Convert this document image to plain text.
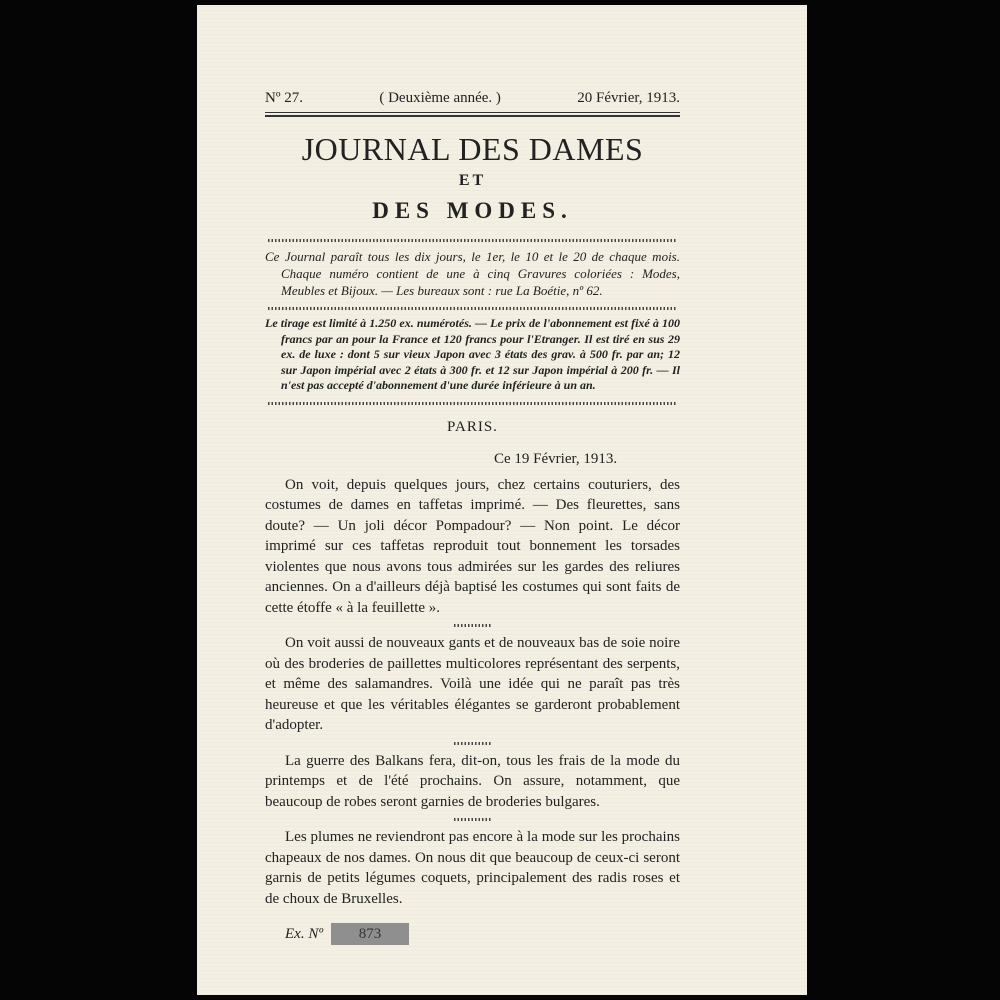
Nº 27.	( Deuxième année. )	20 Février, 1913.
JOURNAL DES DAMES
ET
DES MODES.

Ce Journal paraît tous les dix jours, le 1er, le 10 et le 20 de chaque mois. Chaque numéro contient de une à cinq Gravures coloriées : Modes, Meubles et Bijoux. — Les bureaux sont : rue La Boétie, nº 62.

Le tirage est limité à 1.250 ex. numérotés. — Le prix de l'abonnement est fixé à 100 francs par an pour la France et 120 francs pour l'Etranger. Il est tiré en sus 29 ex. de luxe : dont 5 sur vieux Japon avec 3 états des grav. à 500 fr. par an; 12 sur Japon impérial avec 2 états à 300 fr. et 12 sur Japon impérial à 200 fr. — Il n'est pas accepté d'abonnement d'une durée inférieure à un an.

PARIS.
Ce 19 Février, 1913.
On voit, depuis quelques jours, chez certains couturiers, des costumes de dames en taffetas imprimé. — Des fleurettes, sans doute? — Un joli décor Pompadour? — Non point. Le décor imprimé sur ces taffetas reproduit tout bonnement les torsades violentes que nous avons tous admirées sur les gardes des reliures anciennes. On a d'ailleurs déjà baptisé les costumes qui sont faits de cette étoffe « à la feuillette ».
On voit aussi de nouveaux gants et de nouveaux bas de soie noire où des broderies de paillettes multicolores représentant des serpents, et même des salamandres. Voilà une idée qui ne paraît pas très heureuse et que les véritables élégantes se garderont probablement d'adopter.
La guerre des Balkans fera, dit-on, tous les frais de la mode du printemps et de l'été prochains. On assure, notamment, que beaucoup de robes seront garnies de broderies bulgares.
Les plumes ne reviendront pas encore à la mode sur les prochains chapeaux de nos dames. On nous dit que beaucoup de ceux-ci seront garnis de petits légumes coquets, principalement des radis roses et de choux de Bruxelles.
Ex. Nº	873
